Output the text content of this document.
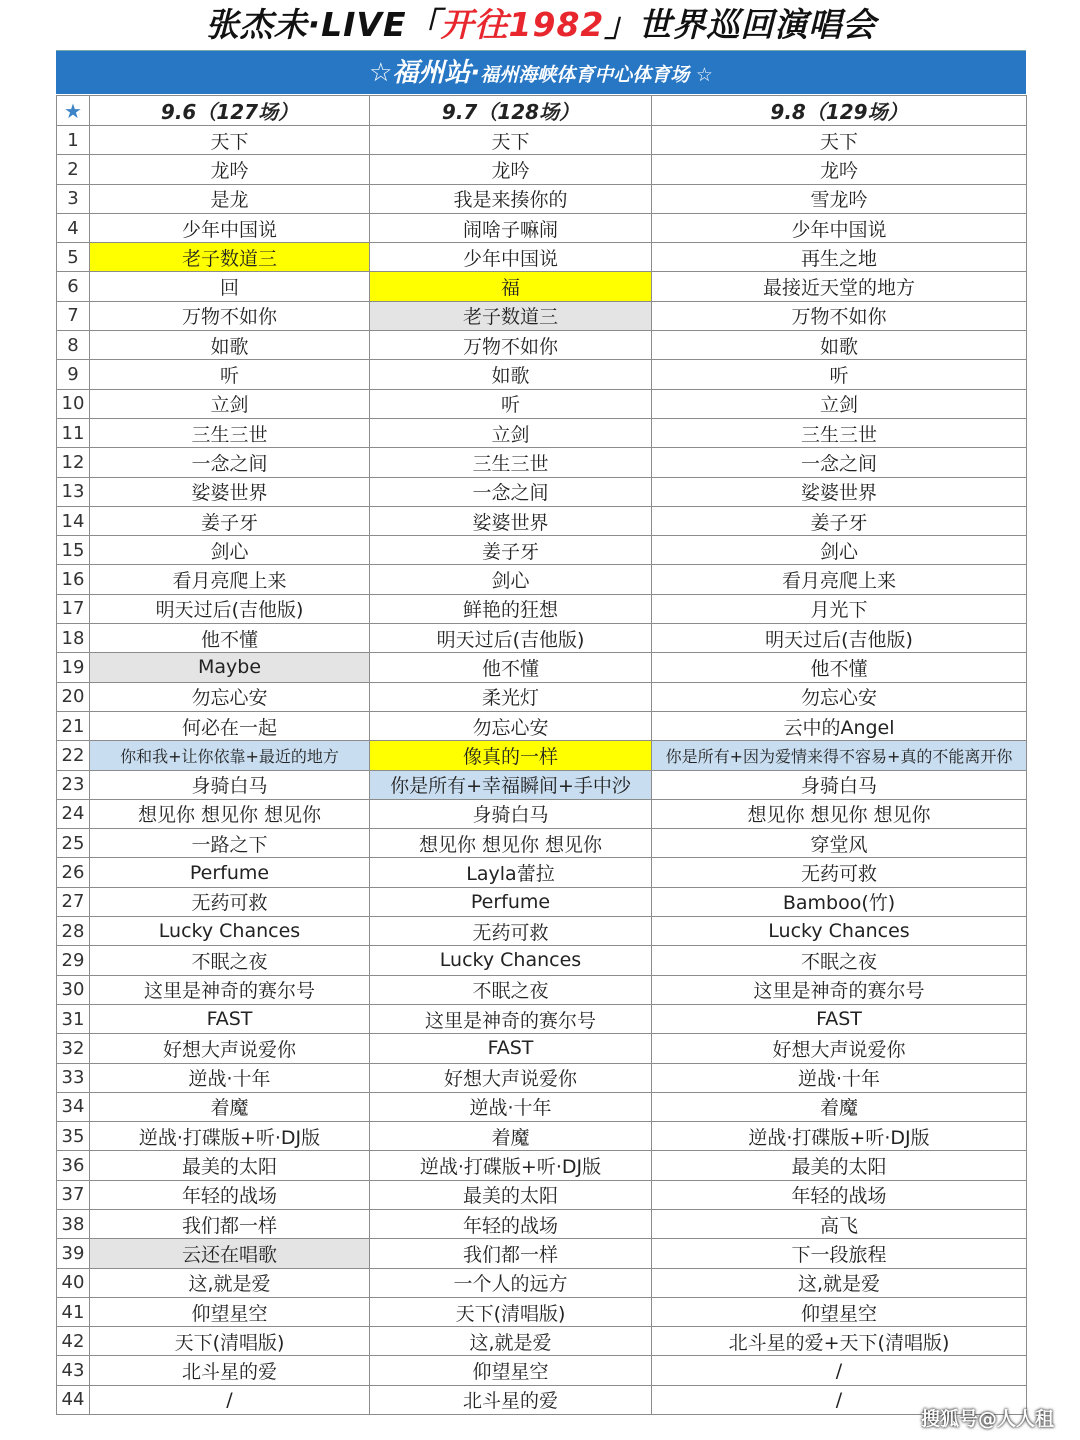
张杰未·LIVE「开往1982」世界巡回演唱会
☆福州站·福州海峡体育中心体育场 ☆
★	9.6（127场）	9.7（128场）	9.8（129场）
1	天下	天下	天下
2	龙吟	龙吟	龙吟
3	是龙	我是来揍你的	雪龙吟
4	少年中国说	闹啥子嘛闹	少年中国说
5	老子数道三	少年中国说	再生之地
6	回	福	最接近天堂的地方
7	万物不如你	老子数道三	万物不如你
8	如歌	万物不如你	如歌
9	听	如歌	听
10	立剑	听	立剑
11	三生三世	立剑	三生三世
12	一念之间	三生三世	一念之间
13	娑婆世界	一念之间	娑婆世界
14	姜子牙	娑婆世界	姜子牙
15	剑心	姜子牙	剑心
16	看月亮爬上来	剑心	看月亮爬上来
17	明天过后(吉他版)	鲜艳的狂想	月光下
18	他不懂	明天过后(吉他版)	明天过后(吉他版)
19	Maybe	他不懂	他不懂
20	勿忘心安	柔光灯	勿忘心安
21	何必在一起	勿忘心安	云中的Angel
22	你和我+让你依靠+最近的地方	像真的一样	你是所有+因为爱情来得不容易+真的不能离开你
23	身骑白马	你是所有+幸福瞬间+手中沙	身骑白马
24	想见你 想见你 想见你	身骑白马	想见你 想见你 想见你
25	一路之下	想见你 想见你 想见你	穿堂风
26	Perfume	Layla蕾拉	无药可救
27	无药可救	Perfume	Bamboo(竹)
28	Lucky Chances	无药可救	Lucky Chances
29	不眠之夜	Lucky Chances	不眠之夜
30	这里是神奇的赛尔号	不眠之夜	这里是神奇的赛尔号
31	FAST	这里是神奇的赛尔号	FAST
32	好想大声说爱你	FAST	好想大声说爱你
33	逆战·十年	好想大声说爱你	逆战·十年
34	着魔	逆战·十年	着魔
35	逆战·打碟版+听·DJ版	着魔	逆战·打碟版+听·DJ版
36	最美的太阳	逆战·打碟版+听·DJ版	最美的太阳
37	年轻的战场	最美的太阳	年轻的战场
38	我们都一样	年轻的战场	高飞
39	云还在唱歌	我们都一样	下一段旅程
40	这,就是爱	一个人的远方	这,就是爱
41	仰望星空	天下(清唱版)	仰望星空
42	天下(清唱版)	这,就是爱	北斗星的爱+天下(清唱版)
43	北斗星的爱	仰望星空	/
44	/	北斗星的爱	/
搜狐号@人人租
